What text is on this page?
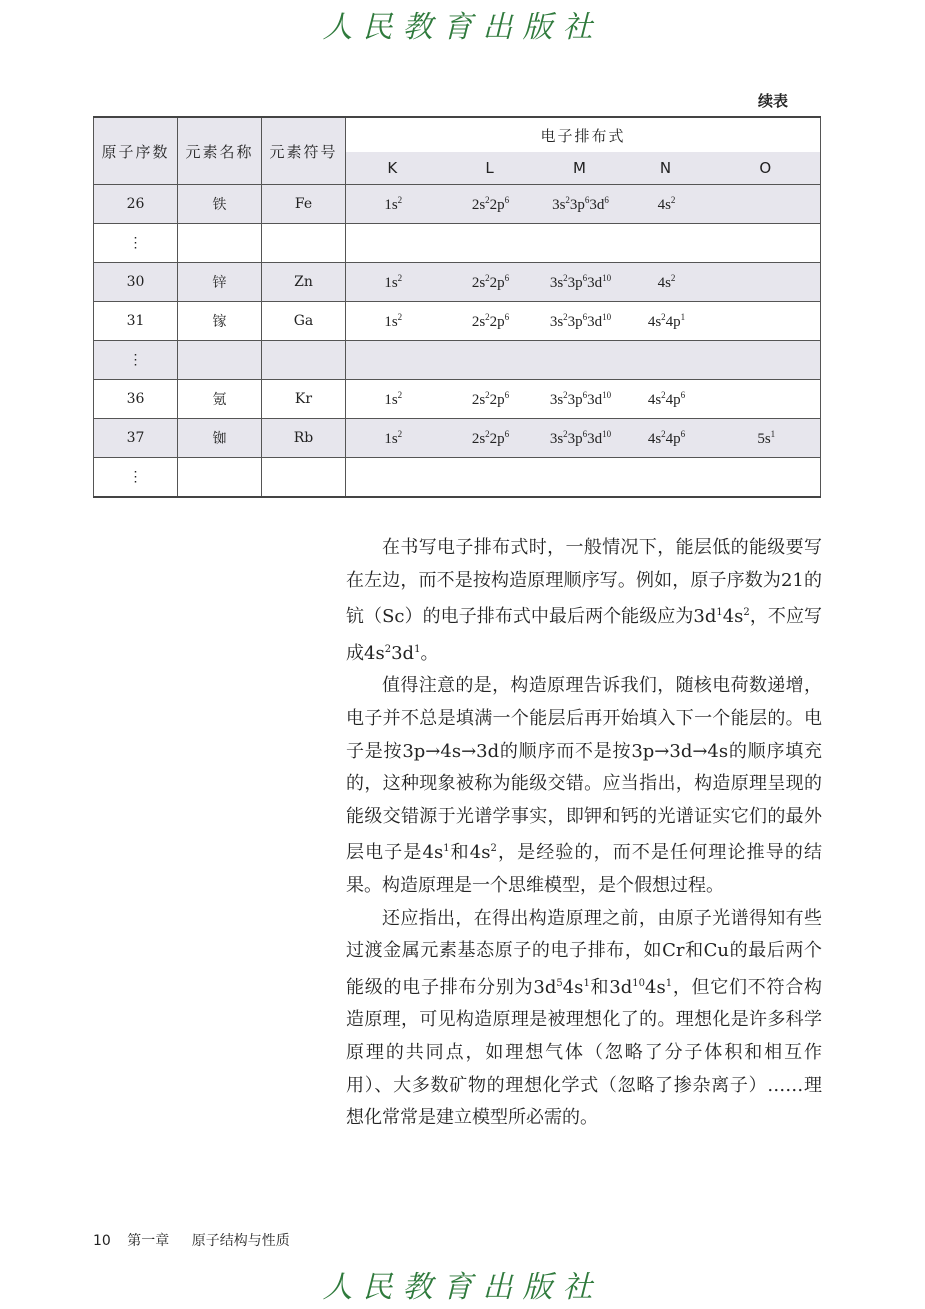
人民教育出版社
续表
原子序数	元素名称	元素符号	电子排布式				
			K	L	M	N	O
26	铁	Fe	$1s^2$	$2s^22p^6$	$3s^23p^63d^6$	$4s^2$	
⋮							
30	锌	Zn	$1s^2$	$2s^22p^6$	$3s^23p^63d^{10}$	$4s^2$	
31	镓	Ga	$1s^2$	$2s^22p^6$	$3s^23p^63d^{10}$	$4s^24p^1$	
⋮							
36	氪	Kr	$1s^2$	$2s^22p^6$	$3s^23p^63d^{10}$	$4s^24p^6$	
37	铷	Rb	$1s^2$	$2s^22p^6$	$3s^23p^63d^{10}$	$4s^24p^6$	$5s^1$
⋮							

在书写电子排布式时，一般情况下，能层低的能级要写在左边，而不是按构造原理顺序写。例如，原子序数为21的钪（Sc）的电子排布式中最后两个能级应为$3d^14s^2$，不应写成$4s^23d^1$。

值得注意的是，构造原理告诉我们，随核电荷数递增，电子并不总是填满一个能层后再开始填入下一个能层的。电子是按3p→4s→3d的顺序而不是按3p→3d→4s的顺序填充的，这种现象被称为能级交错。应当指出，构造原理呈现的能级交错源于光谱学事实，即钾和钙的光谱证实它们的最外层电子是$4s^1$和$4s^2$，是经验的，而不是任何理论推导的结果。构造原理是一个思维模型，是个假想过程。

还应指出，在得出构造原理之前，由原子光谱得知有些过渡金属元素基态原子的电子排布，如Cr和Cu的最后两个能级的电子排布分别为$3d^54s^1$和$3d^{10}4s^1$，但它们不符合构造原理，可见构造原理是被理想化了的。理想化是许多科学原理的共同点，如理想气体（忽略了分子体积和相互作用）、大多数矿物的理想化学式（忽略了掺杂离子）……理想化常常是建立模型所必需的。

10 第一章 原子结构与性质
人民教育出版社
